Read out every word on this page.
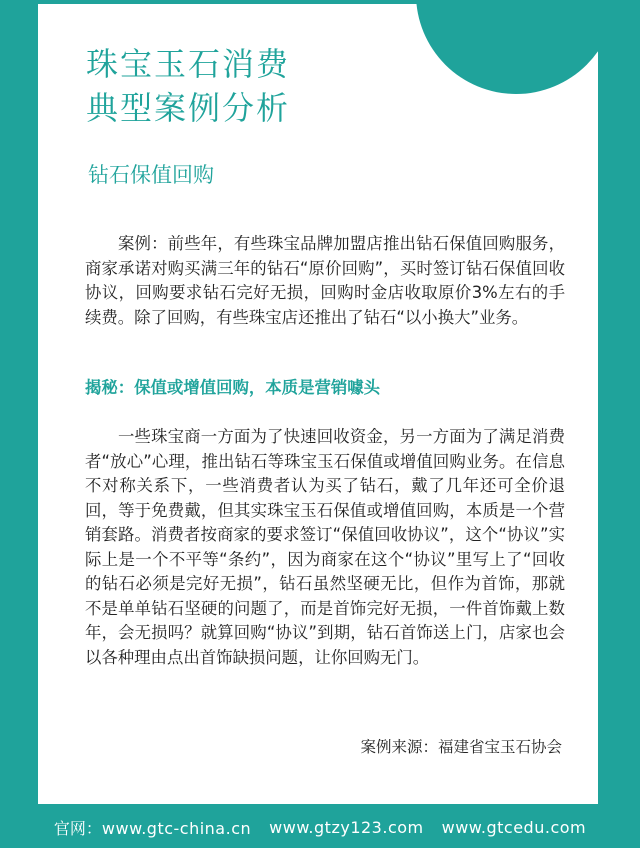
珠宝玉石消费
典型案例分析
钻石保值回购

案例：前些年，有些珠宝品牌加盟店推出钻石保值回购服务，商家承诺对购买满三年的钻石“原价回购”，买时签订钻石保值回收协议，回购要求钻石完好无损，回购时金店收取原价3%左右的手续费。除了回购，有些珠宝店还推出了钻石“以小换大”业务。

揭秘：保值或增值回购，本质是营销噱头

一些珠宝商一方面为了快速回收资金，另一方面为了满足消费者“放心”心理，推出钻石等珠宝玉石保值或增值回购业务。在信息不对称关系下，一些消费者认为买了钻石，戴了几年还可全价退回，等于免费戴，但其实珠宝玉石保值或增值回购，本质是一个营销套路。消费者按商家的要求签订“保值回收协议”，这个“协议”实际上是一个不平等“条约”，因为商家在这个“协议”里写上了“回收的钻石必须是完好无损”，钻石虽然坚硬无比，但作为首饰，那就不是单单钻石坚硬的问题了，而是首饰完好无损，一件首饰戴上数年，会无损吗？就算回购“协议”到期，钻石首饰送上门，店家也会以各种理由点出首饰缺损问题，让你回购无门。

案例来源：福建省宝玉石协会

官网：www.gtc-china.cn www.gtzy123.com www.gtcedu.com
